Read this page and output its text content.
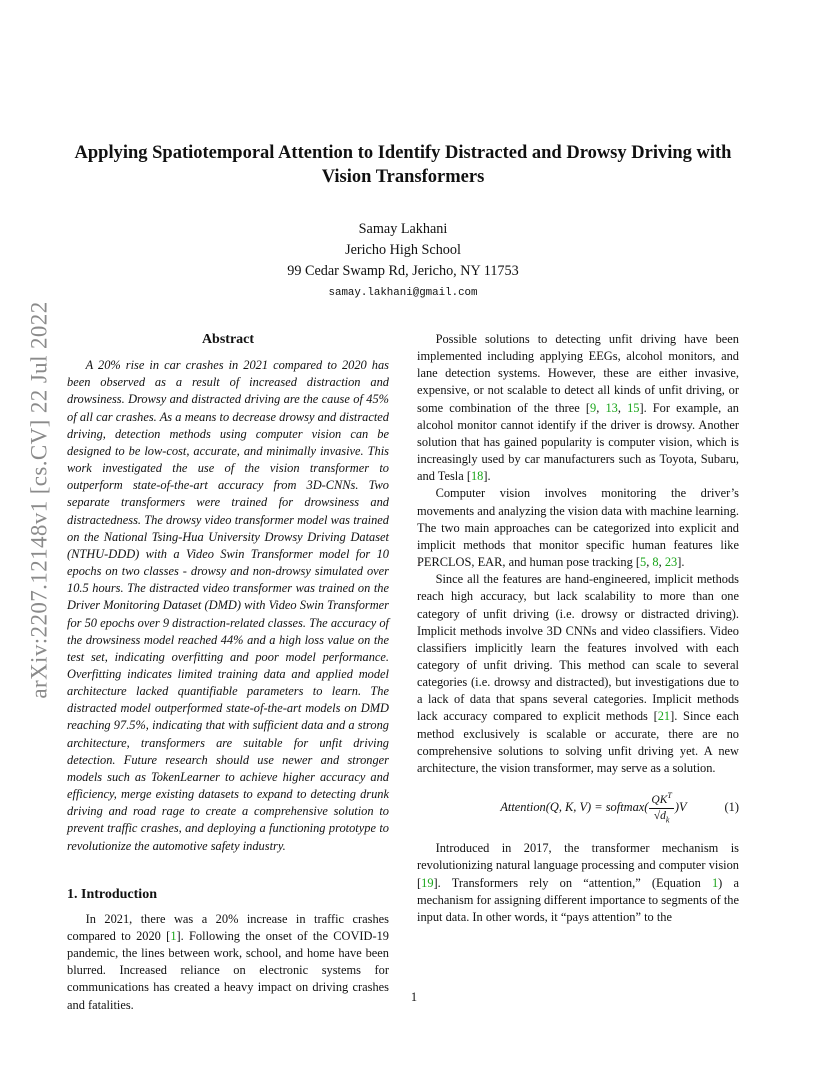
arXiv:2207.12148v1 [cs.CV] 22 Jul 2022
Applying Spatiotemporal Attention to Identify Distracted and Drowsy Driving with Vision Transformers
Samay Lakhani
Jericho High School
99 Cedar Swamp Rd, Jericho, NY 11753
samay.lakhani@gmail.com
Abstract

A 20% rise in car crashes in 2021 compared to 2020 has been observed as a result of increased distraction and drowsiness. Drowsy and distracted driving are the cause of 45% of all car crashes. As a means to decrease drowsy and distracted driving, detection methods using computer vision can be designed to be low-cost, accurate, and minimally invasive. This work investigated the use of the vision transformer to outperform state-of-the-art accuracy from 3D-CNNs. Two separate transformers were trained for drowsiness and distractedness. The drowsy video transformer model was trained on the National Tsing-Hua University Drowsy Driving Dataset (NTHU-DDD) with a Video Swin Transformer model for 10 epochs on two classes - drowsy and non-drowsy simulated over 10.5 hours. The distracted video transformer was trained on the Driver Monitoring Dataset (DMD) with Video Swin Transformer for 50 epochs over 9 distraction-related classes. The accuracy of the drowsiness model reached 44% and a high loss value on the test set, indicating overfitting and poor model performance. Overfitting indicates limited training data and applied model architecture lacked quantifiable parameters to learn. The distracted model outperformed state-of-the-art models on DMD reaching 97.5%, indicating that with sufficient data and a strong architecture, transformers are suitable for unfit driving detection. Future research should use newer and stronger models such as TokenLearner to achieve higher accuracy and efficiency, merge existing datasets to expand to detecting drunk driving and road rage to create a comprehensive solution to prevent traffic crashes, and deploying a functioning prototype to revolutionize the automotive safety industry.

1. Introduction

In 2021, there was a 20% increase in traffic crashes compared to 2020 [1]. Following the onset of the COVID-19 pandemic, the lines between work, school, and home have been blurred. Increased reliance on electronic systems for communications has created a heavy impact on driving crashes and fatalities.

Possible solutions to detecting unfit driving have been implemented including applying EEGs, alcohol monitors, and lane detection systems. However, these are either invasive, expensive, or not scalable to detect all kinds of unfit driving, or some combination of the three [9, 13, 15]. For example, an alcohol monitor cannot identify if the driver is drowsy. Another solution that has gained popularity is computer vision, which is increasingly used by car manufacturers such as Toyota, Subaru, and Tesla [18].

Computer vision involves monitoring the driver’s movements and analyzing the vision data with machine learning. The two main approaches can be categorized into explicit and implicit methods that monitor specific human features like PERCLOS, EAR, and human pose tracking [5, 8, 23].

Since all the features are hand-engineered, implicit methods reach high accuracy, but lack scalability to more than one category of unfit driving (i.e. drowsy or distracted driving). Implicit methods involve 3D CNNs and video classifiers. Video classifiers implicitly learn the features involved with each category of unfit driving. This method can scale to several categories (i.e. drowsy and distracted), but investigations due to a lack of data that spans several categories. Implicit methods lack accuracy compared to explicit methods [21]. Since each method exclusively is scalable or accurate, there are no comprehensive solutions to solving unfit driving yet. A new architecture, the vision transformer, may serve as a solution.

Attention(Q, K, V) = softmax( $\frac{QK^T}{√d_k} )V$	(1)

Introduced in 2017, the transformer mechanism is revolutionizing natural language processing and computer vision [19]. Transformers rely on “attention,” (Equation 1) a mechanism for assigning different importance to segments of the input data. In other words, it “pays attention” to the

1
